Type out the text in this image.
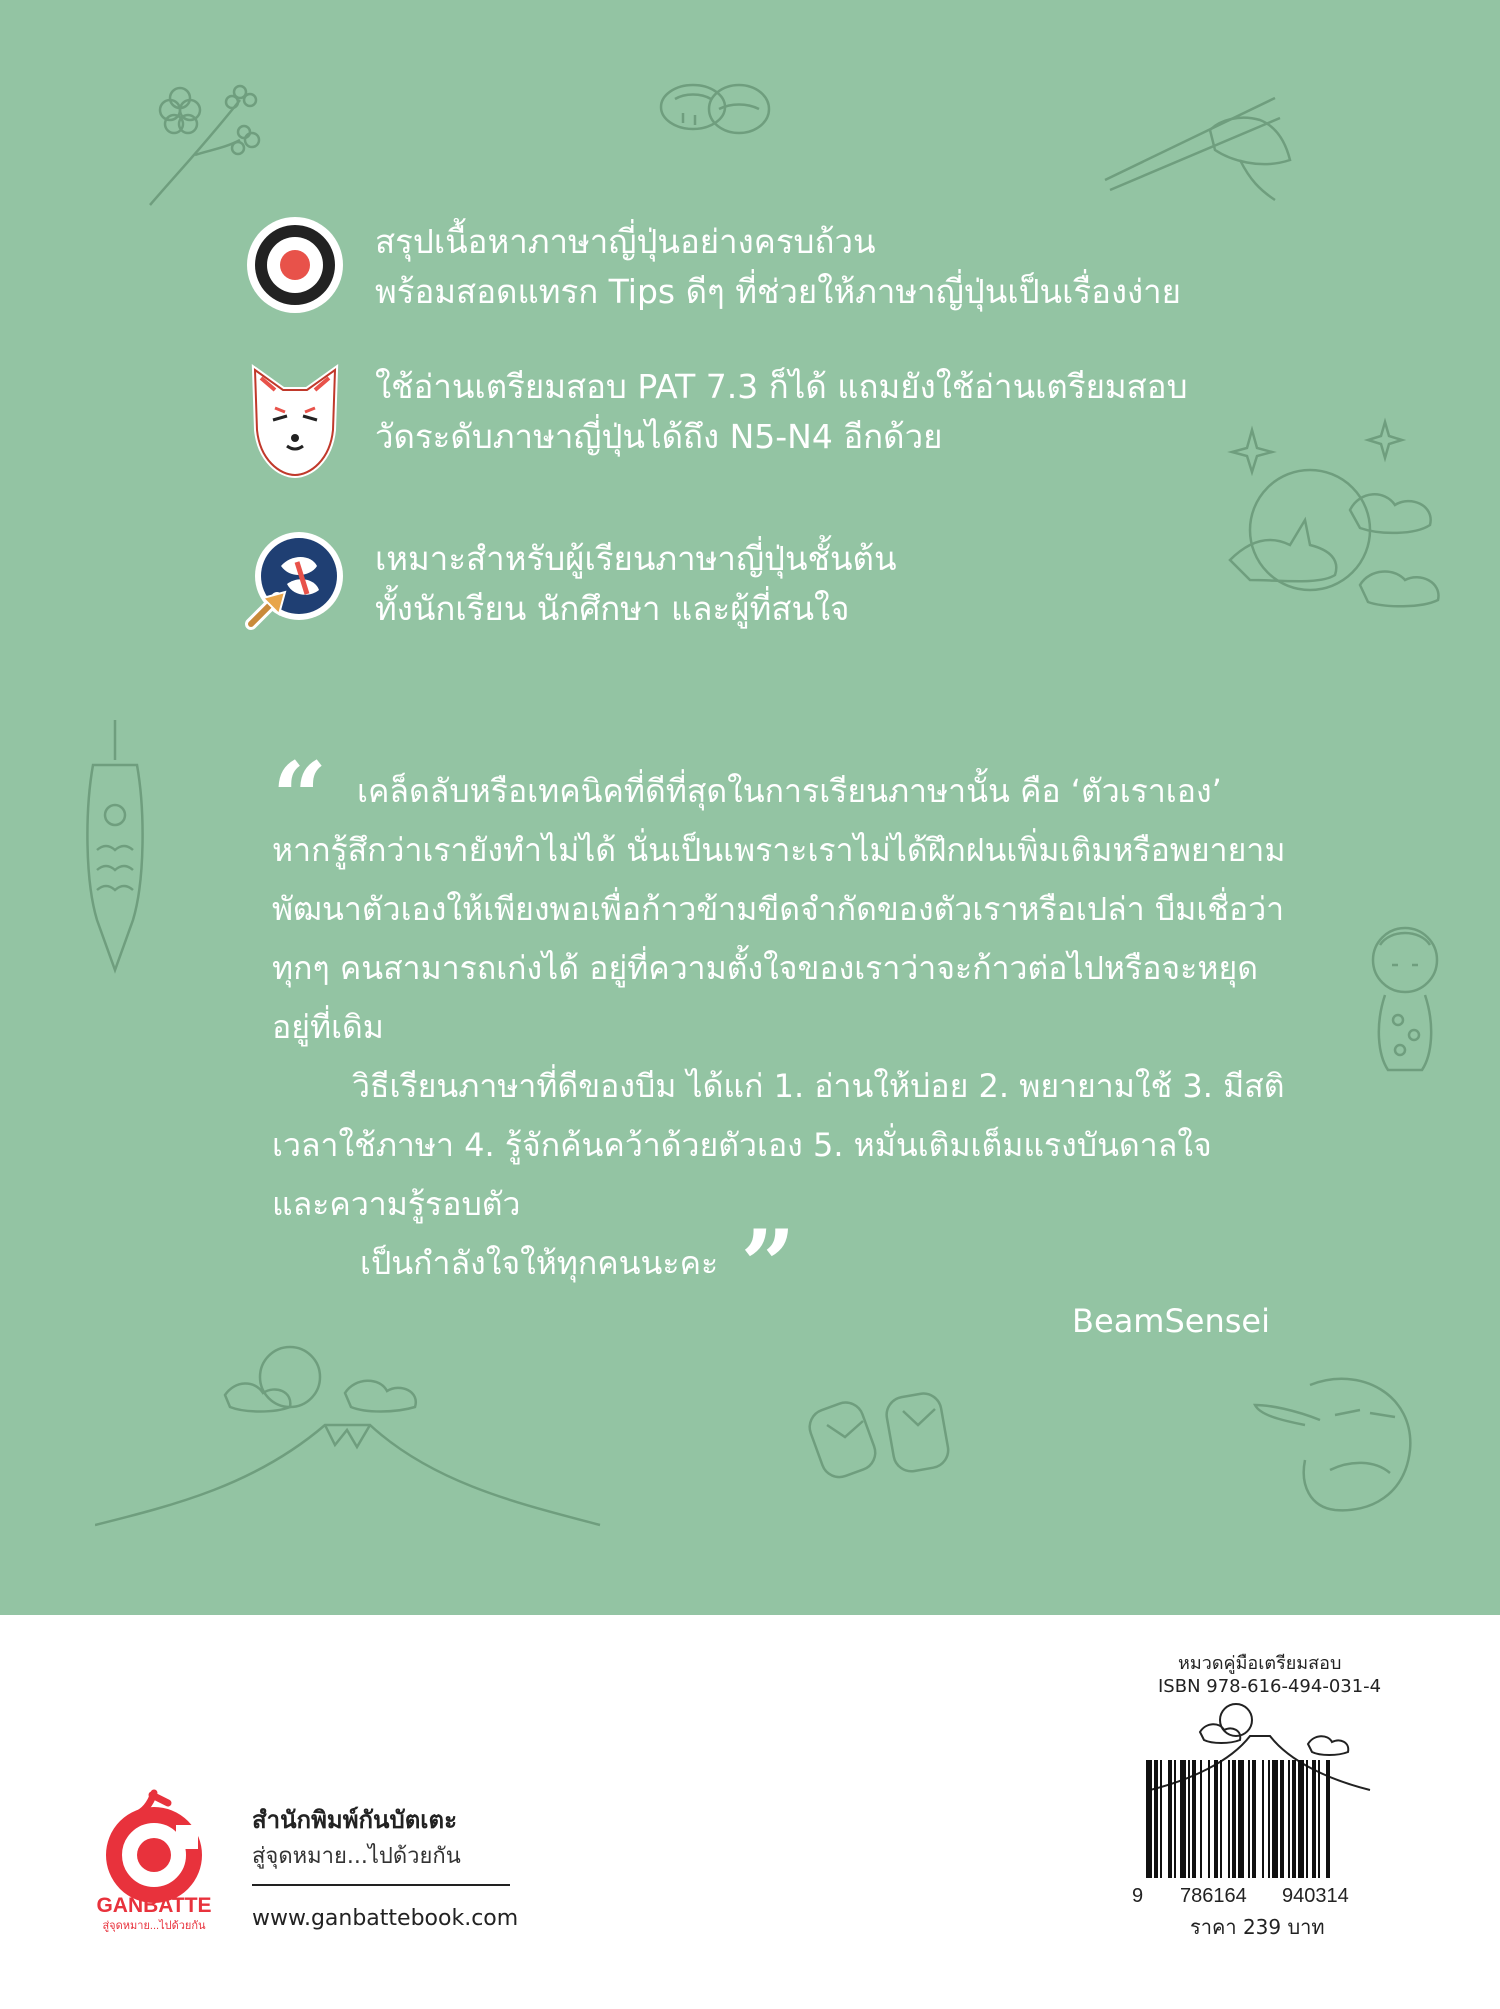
สรุปเนื้อหาภาษาญี่ปุ่นอย่างครบถ้วน
พร้อมสอดแทรก Tips ดีๆ ที่ช่วยให้ภาษาญี่ปุ่นเป็นเรื่องง่าย
ใช้อ่านเตรียมสอบ PAT 7.3 ก็ได้ แถมยังใช้อ่านเตรียมสอบ
วัดระดับภาษาญี่ปุ่นได้ถึง N5-N4 อีกด้วย
เหมาะสำหรับผู้เรียนภาษาญี่ปุ่นชั้นต้น
ทั้งนักเรียน นักศึกษา และผู้ที่สนใจ
“ เคล็ดลับหรือเทคนิคที่ดีที่สุดในการเรียนภาษานั้น คือ ‘ตัวเราเอง’
หากรู้สึกว่าเรายังทำไม่ได้ นั่นเป็นเพราะเราไม่ได้ฝึกฝนเพิ่มเติมหรือพยายาม
พัฒนาตัวเองให้เพียงพอเพื่อก้าวข้ามขีดจำกัดของตัวเราหรือเปล่า บีมเชื่อว่า
ทุกๆ คนสามารถเก่งได้ อยู่ที่ความตั้งใจของเราว่าจะก้าวต่อไปหรือจะหยุด
อยู่ที่เดิม
วิธีเรียนภาษาที่ดีของบีม ได้แก่ 1. อ่านให้บ่อย 2. พยายามใช้ 3. มีสติ
เวลาใช้ภาษา 4. รู้จักค้นคว้าด้วยตัวเอง 5. หมั่นเติมเต็มแรงบันดาลใจ
และความรู้รอบตัว
เป็นกำลังใจให้ทุกคนนะคะ ”	BeamSensei
GANBATTE
สู่จุดหมาย...ไปด้วยกัน
สำนักพิมพ์กันบัตเตะ
สู่จุดหมาย...ไปด้วยกัน
www.ganbattebook.com
หมวดคู่มือเตรียมสอบ
ISBN 978-616-494-031-4
9 786164 940314
ราคา 239 บาท
